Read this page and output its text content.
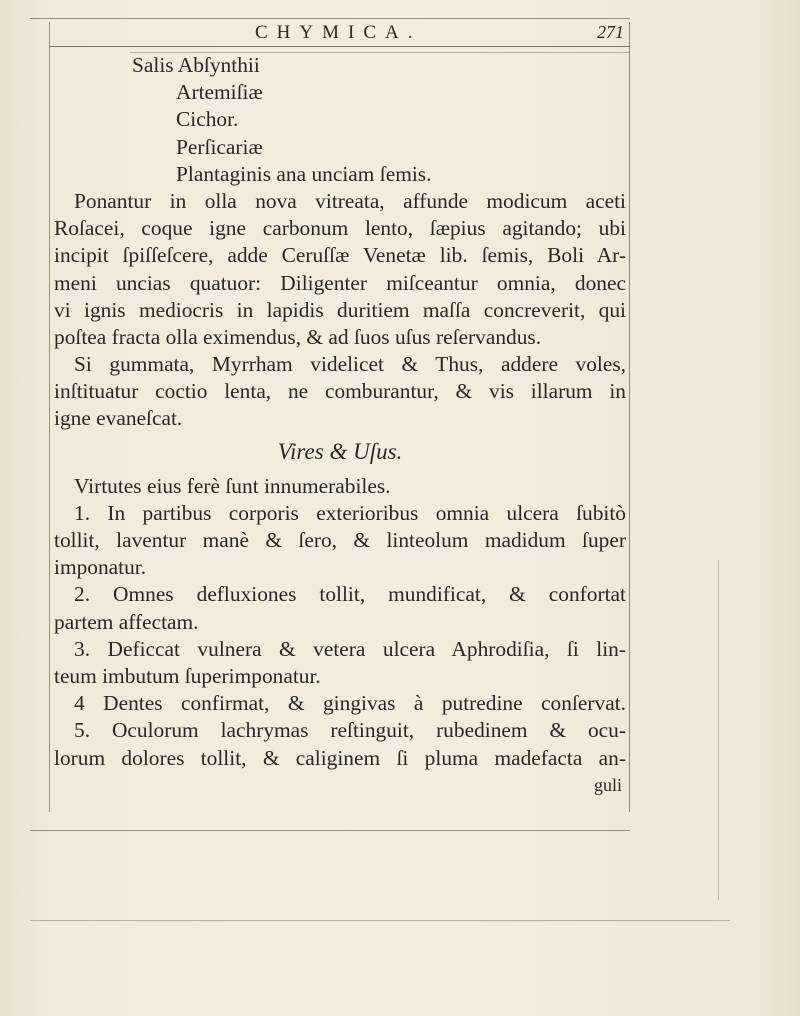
CHYMICA.	271
Salis Abſynthii
Artemiſiæ
Cichor.
Perſicariæ
Plantaginis ana unciam ſemis.
Ponantur in olla nova vitreata, affunde modicum aceti
Roſacei, coque igne carbonum lento, ſæpius agitando; ubi
incipit ſpiſſeſcere, adde Ceruſſæ Venetæ lib. ſemis, Boli Ar-
meni uncias quatuor: Diligenter miſceantur omnia, donec
vi ignis mediocris in lapidis duritiem maſſa concreverit, qui
poſtea fracta olla eximendus, & ad ſuos uſus reſervandus.
Si gummata, Myrrham videlicet & Thus, addere voles,
inſtituatur coctio lenta, ne comburantur, & vis illarum in
igne evaneſcat.
Vires & Uſus.
Virtutes eius ferè ſunt innumerabiles.
1. In partibus corporis exterioribus omnia ulcera ſubitò
tollit, laventur manè & ſero, & linteolum madidum ſuper
imponatur.
2. Omnes defluxiones tollit, mundificat, & confortat
partem affectam.
3. Deficcat vulnera & vetera ulcera Aphrodiſia, ſi lin-
teum imbutum ſuperimponatur.
4 Dentes confirmat, & gingivas à putredine conſervat.
5. Oculorum lachrymas reſtinguit, rubedinem & ocu-
lorum dolores tollit, & caliginem ſi pluma madefacta an-
guli
